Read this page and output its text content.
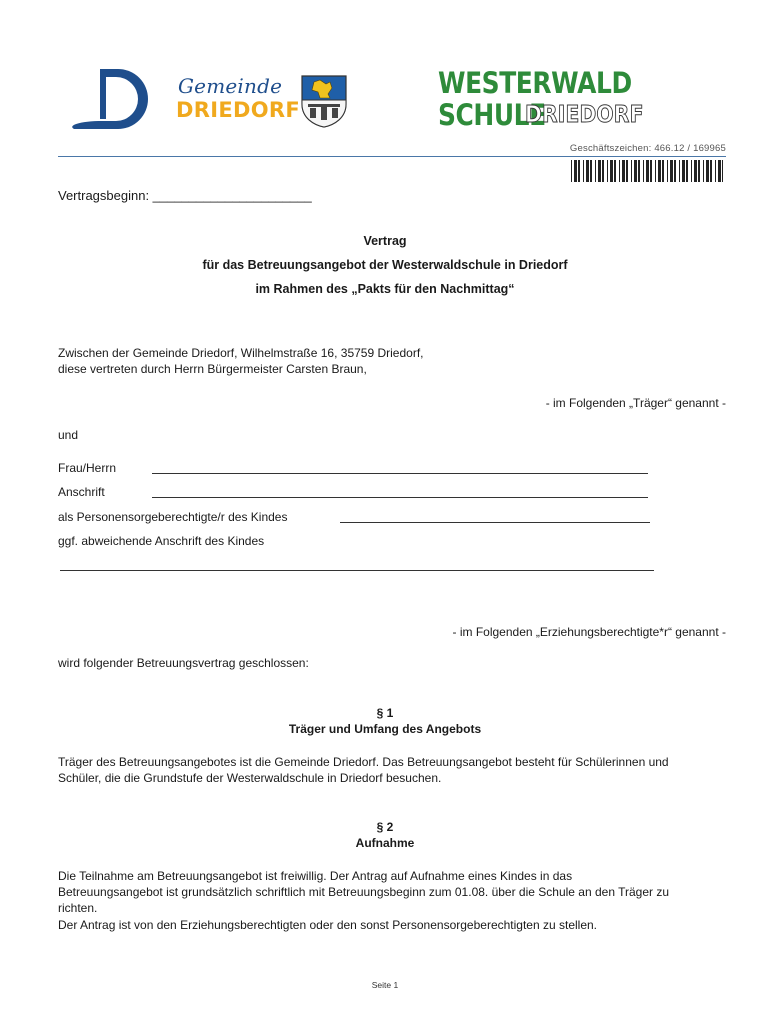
Gemeinde
DRIEDORF
WESTERWALD
SCHULE
DRIEDORF
Geschäftszeichen: 466.12 / 169965
Vertragsbeginn: ______________________
Vertrag
für das Betreuungsangebot der Westerwaldschule in Driedorf
im Rahmen des „Pakts für den Nachmittag“
Zwischen der Gemeinde Driedorf, Wilhelmstraße 16, 35759 Driedorf,
diese vertreten durch Herrn Bürgermeister Carsten Braun,
- im Folgenden „Träger“ genannt -
und
Frau/Herrn
Anschrift
als Personensorgeberechtigte/r des Kindes
ggf. abweichende Anschrift des Kindes
- im Folgenden „Erziehungsberechtigte*r“ genannt -
wird folgender Betreuungsvertrag geschlossen:
§ 1
Träger und Umfang des Angebots
Träger des Betreuungsangebotes ist die Gemeinde Driedorf. Das Betreuungsangebot besteht für Schülerinnen und
Schüler, die die Grundstufe der Westerwaldschule in Driedorf besuchen.
§ 2
Aufnahme
Die Teilnahme am Betreuungsangebot ist freiwillig. Der Antrag auf Aufnahme eines Kindes in das
Betreuungsangebot ist grundsätzlich schriftlich mit Betreuungsbeginn zum 01.08. über die Schule an den Träger zu
richten.
Der Antrag ist von den Erziehungsberechtigten oder den sonst Personensorgeberechtigten zu stellen.
Seite 1
